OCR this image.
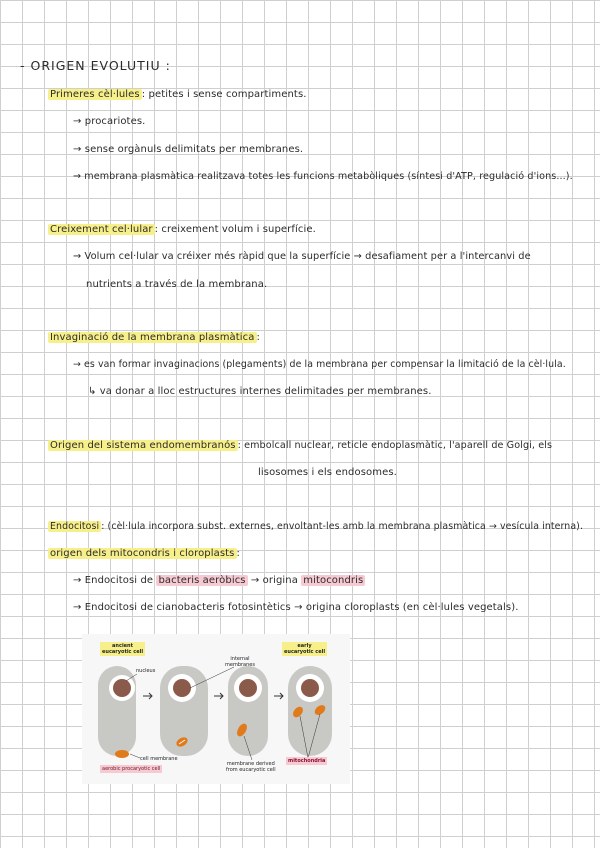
- ORIGEN EVOLUTIU :
Primeres cèl·lules : petites i sense compartiments.
→ procariotes.
→ sense orgànuls delimitats per membranes.
→ membrana plasmàtica realitzava totes les funcions metabòliques (síntesi d'ATP, regulació d'ions...).
Creixement cel·lular : creixement volum i superfície.
→ Volum cel·lular va créixer més ràpid que la superfície → desafiament per a l'intercanvi de
nutrients a través de la membrana.
Invaginació de la membrana plasmàtica :
→ es van formar invaginacions (plegaments) de la membrana per compensar la limitació de la cèl·lula.
↳ va donar a lloc estructures internes delimitades per membranes.
Origen del sistema endomembranós : embolcall nuclear, reticle endoplasmàtic, l'aparell de Golgi, els
lisosomes i els endosomes.
Endocitosi : (cèl·lula incorpora subst. externes, envoltant-les amb la membrana plasmàtica → vesícula interna).
origen dels mitocondris i cloroplasts :
→ Endocitosi de bacteris aeròbics → origina mitocondris
→ Endocitosi de cianobacteris fotosintètics → origina cloroplasts (en cèl·lules vegetals).
ancient
eucaryotic cell
nucleus
internal
membranes
early
eucaryotic cell
cell membrane
aerobic procaryotic cell
membrane derived
from eucaryotic cell
mitochondria
